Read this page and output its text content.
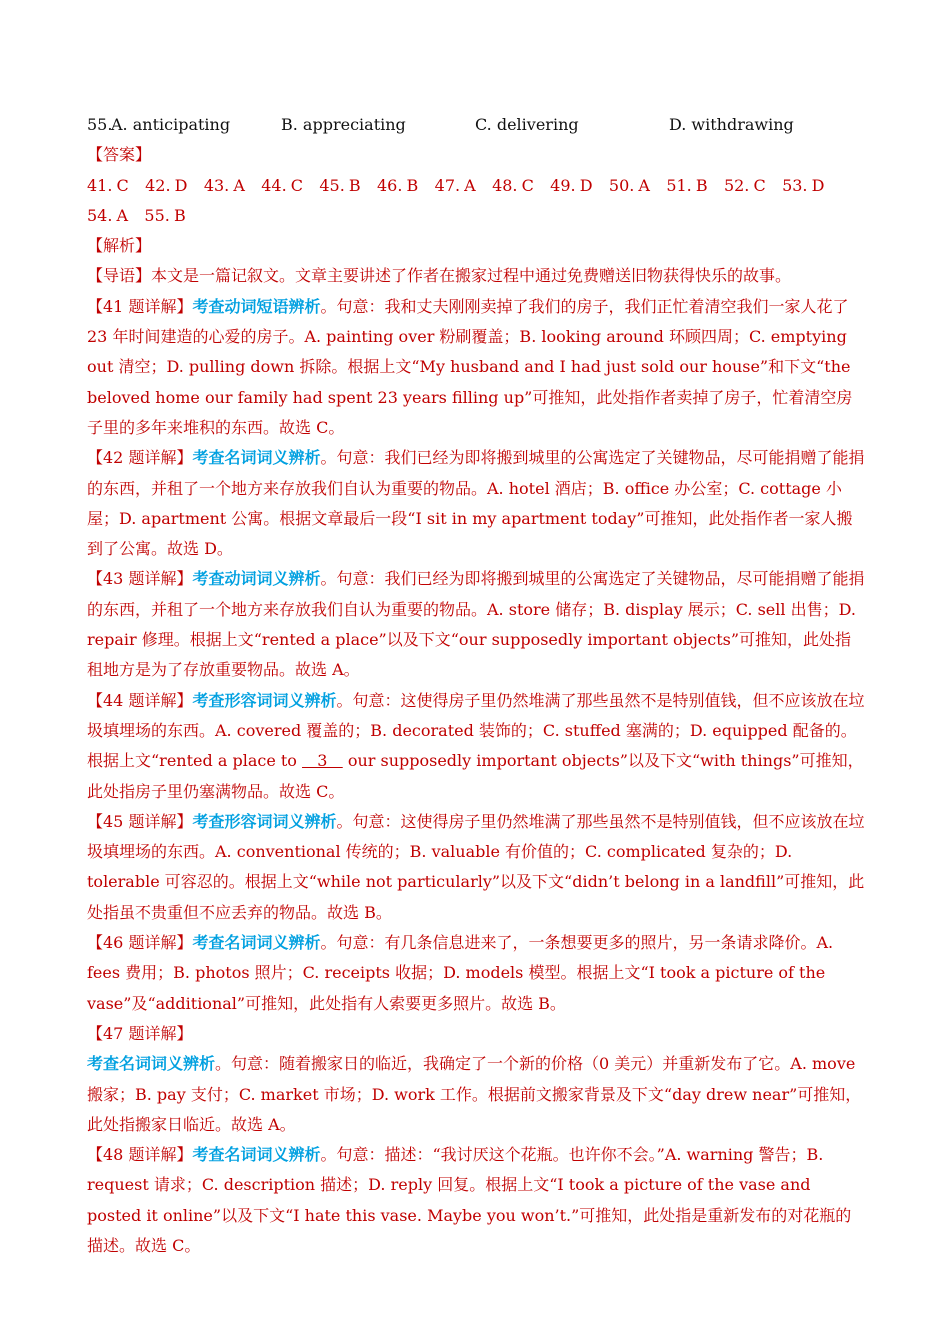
55.
A. anticipating	B. appreciating	C. delivering	D. withdrawing

【答案】41. C    42. D    43. A    44. C    45. B    46. B    47. A    48. C    49. D    50. A    51. B    52. C    53. D
54. A    55. B

【解析】

【导语】本文是一篇记叙文。文章主要讲述了作者在搬家过程中通过免费赠送旧物获得快乐的故事。

【41 题详解】考查动词短语辨析。句意：我和丈夫刚刚卖掉了我们的房子，我们正忙着清空我们一家人花了 23 年时间建造的心爱的房子。A. painting over 粉刷覆盖；B. looking around 环顾四周；C. emptying out 清空；D. pulling down 拆除。根据上文“My husband and I had just sold our house”和下文“the beloved home our family had spent 23 years filling up”可推知，此处指作者卖掉了房子，忙着清空房子里的多年来堆积的东西。故选 C。

【42 题详解】考查名词词义辨析。句意：我们已经为即将搬到城里的公寓选定了关键物品，尽可能捐赠了能捐的东西，并租了一个地方来存放我们自认为重要的物品。A. hotel 酒店；B. office 办公室；C. cottage 小屋；D. apartment 公寓。根据文章最后一段“I sit in my apartment today”可推知，此处指作者一家人搬到了公寓。故选 D。

【43 题详解】考查动词词义辨析。句意：我们已经为即将搬到城里的公寓选定了关键物品，尽可能捐赠了能捐的东西，并租了一个地方来存放我们自认为重要的物品。A. store 储存；B. display 展示；C. sell 出售；D. repair 修理。根据上文“rented a place”以及下文“our supposedly important objects”可推知，此处指租地方是为了存放重要物品。故选 A。

【44 题详解】考查形容词词义辨析。句意：这使得房子里仍然堆满了那些虽然不是特别值钱，但不应该放在垃圾填埋场的东西。A. covered 覆盖的；B. decorated 装饰的；C. stuffed 塞满的；D. equipped 配备的。根据上文“rented a place to    3    our supposedly important objects”以及下文“with things”可推知，此处指房子里仍塞满物品。故选 C。

【45 题详解】考查形容词词义辨析。句意：这使得房子里仍然堆满了那些虽然不是特别值钱，但不应该放在垃圾填埋场的东西。A. conventional 传统的；B. valuable 有价值的；C. complicated 复杂的；D. tolerable 可容忍的。根据上文“while not particularly”以及下文“didn’t belong in a landfill”可推知，此处指虽不贵重但不应丢弃的物品。故选 B。

【46 题详解】考查名词词义辨析。句意：有几条信息进来了，一条想要更多的照片，另一条请求降价。A. fees 费用；B. photos 照片；C. receipts 收据；D. models 模型。根据上文“I took a picture of the vase”及“additional”可推知，此处指有人索要更多照片。故选 B。

【47 题详解】

考查名词词义辨析。句意：随着搬家日的临近，我确定了一个新的价格（0 美元）并重新发布了它。A. move 搬家；B. pay 支付；C. market 市场；D. work 工作。根据前文搬家背景及下文“day drew near”可推知，此处指搬家日临近。故选 A。

【48 题详解】考查名词词义辨析。句意：描述：“我讨厌这个花瓶。也许你不会。”A. warning 警告；B. request 请求；C. description 描述；D. reply 回复。根据上文“I took a picture of the vase and posted it online”以及下文“I hate this vase. Maybe you won’t.”可推知，此处指是重新发布的对花瓶的描述。故选 C。
